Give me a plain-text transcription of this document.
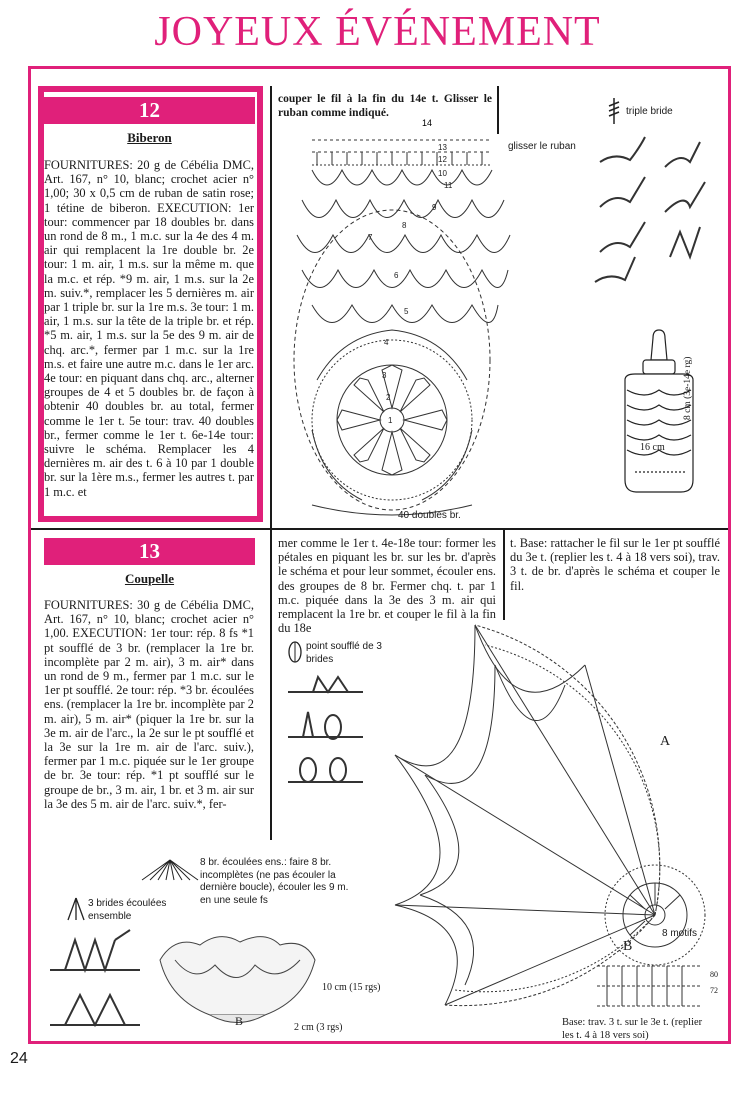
JOYEUX ÉVÉNEMENT
12
Biberon
FOURNITURES: 20 g de Cébélia DMC, Art. 167, n° 10, blanc; crochet acier n° 1,00; 30 x 0,5 cm de ruban de satin rose; 1 tétine de biberon. EXECUTION: 1er tour: commencer par 18 doubles br. dans un rond de 8 m., 1 m.c. sur la 4e des 4 m. air qui remplacent la 1re double br. 2e tour: 1 m. air, 1 m.s. sur la même m. que la m.c. et rép. *9 m. air, 1 m.s. sur la 2e m. suiv.*, remplacer les 5 dernières m. air par 1 triple br. sur la 1re m.s. 3e tour: 1 m. air, 1 m.s. sur la tête de la triple br. et rép. *5 m. air, 1 m.s. sur la 5e des 9 m. air de chq. arc.*, fermer par 1 m.c. sur la 1re m.s. et faire une autre m.c. dans le 1er arc. 4e tour: en piquant dans chq. arc., alterner groupes de 4 et 5 doubles br. de façon à obtenir 40 doubles br. au total, fermer comme le 1er t. 5e tour: trav. 40 doubles br., fermer comme le 1er t. 6e-14e tour: suivre le schéma. Remplacer les 4 dernières m. air des t. 6 à 10 par 1 double br. sur la 1ère m.s., fermer les autres t. par 1 m.c. et
couper le fil à la fin du 14e t. Glisser le ruban comme indiqué.
14
13
12
11
10
9
8
7
6
5
4
3
2
1
glisser le ruban
40 doubles br.
triple bride
16 cm
8 cm (3e-14e rg)
13
Coupelle
FOURNITURES: 30 g de Cébélia DMC, Art. 167, n° 10, blanc; crochet acier n° 1,00. EXECUTION: 1er tour: rép. 8 fs *1 pt soufflé de 3 br. (remplacer la 1re br. incomplète par 2 m. air), 3 m. air* dans un rond de 9 m., fermer par 1 m.c. sur le 1er pt soufflé. 2e tour: rép. *3 br. écoulées ens. (remplacer la 1re br. incomplète par 2 m. air), 5 m. air* (piquer la 1re br. sur la 3e m. air de l'arc., la 2e sur le pt soufflé et la 3e sur la 1re m. air de l'arc. suiv.), fermer par 1 m.c. piquée sur le 1er groupe de br. 3e tour: rép. *1 pt soufflé sur le groupe de br., 3 m. air, 1 br. et 3 m. air sur la 3e des 5 m. air de l'arc. suiv.*, fer-
mer comme le 1er t. 4e-18e tour: former les pétales en piquant les br. sur les br. d'après le schéma et pour leur sommet, écouler ens. des groupes de 8 br. Fermer chq. t. par 1 m.c. piquée dans la 3e des 3 m. air qui remplacent la 1re br. et couper le fil à la fin du 18e
t. Base: rattacher le fil sur le 1er pt soufflé du 3e t. (replier les t. 4 à 18 vers soi), trav. 3 t. de br. d'après le schéma et couper le fil.
point soufflé de 3 brides
8 br. écoulées ens.: faire 8 br. incomplètes (ne pas écouler la dernière boucle), écouler les 9 m. en une seule fs
3 brides écoulées ensemble
B
10 cm (15 rgs)
2 cm (3 rgs)
A
B
8 motifs
80
72
Base: trav. 3 t. sur le 3e t. (replier les t. 4 à 18 vers soi)
24
